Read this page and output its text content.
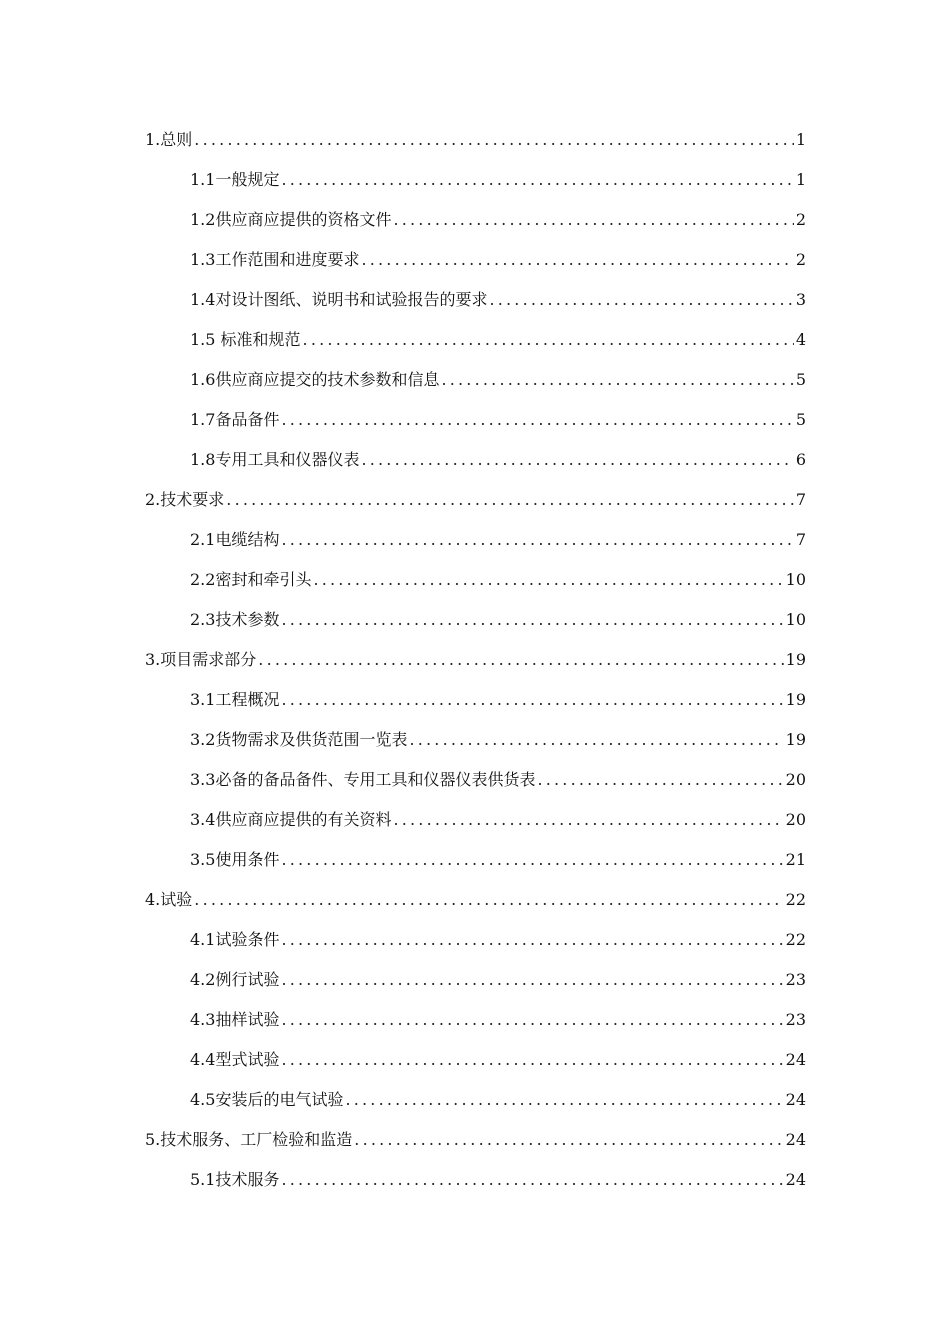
1.总则 .....	1
1.1一般规定 .....	1
1.2供应商应提供的资格文件 .....	2
1.3工作范围和进度要求 .....	2
1.4对设计图纸、说明书和试验报告的要求 .....	3
1.5 标准和规范 .....	4
1.6供应商应提交的技术参数和信息 .....	5
1.7备品备件 .....	5
1.8专用工具和仪器仪表 .....	6
2.技术要求 .....	7
2.1电缆结构 .....	7
2.2密封和牵引头 .....	10
2.3技术参数 .....	10
3.项目需求部分 .....	19
3.1工程概况 .....	19
3.2货物需求及供货范围一览表 .....	19
3.3必备的备品备件、专用工具和仪器仪表供货表 .....	20
3.4供应商应提供的有关资料 .....	20
3.5使用条件 .....	21
4.试验 .....	22
4.1试验条件 .....	22
4.2例行试验 .....	23
4.3抽样试验 .....	23
4.4型式试验 .....	24
4.5安装后的电气试验 .....	24
5.技术服务、工厂检验和监造 .....	24
5.1技术服务 .....	24
